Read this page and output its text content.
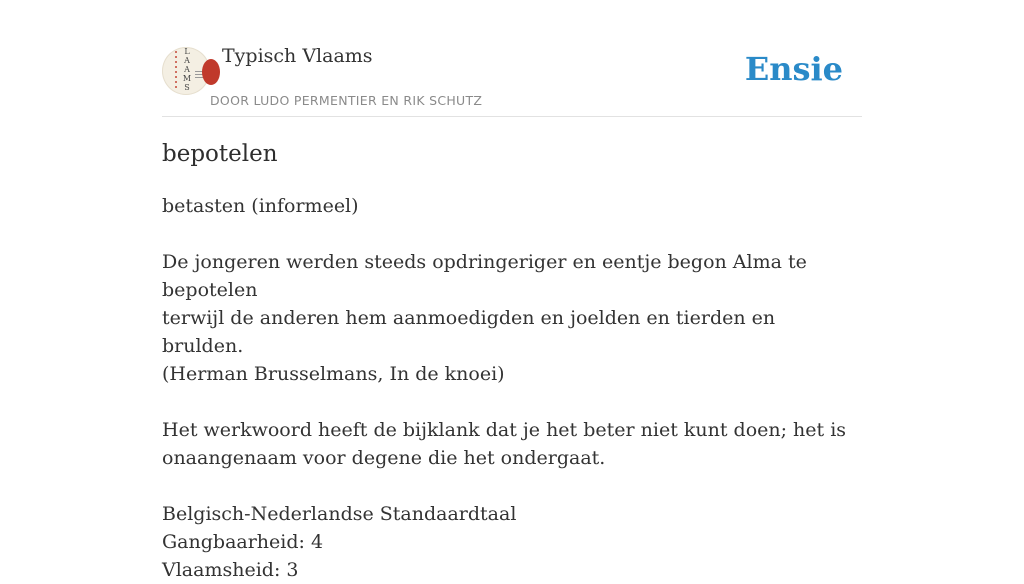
L
A
A
M
S
Typisch Vlaams
DOOR LUDO PERMENTIER EN RIK SCHUTZ
Ensie
bepotelen

betasten (informeel)

De jongeren werden steeds opdringeriger en eentje begon Alma te bepotelen

terwijl de anderen hem aanmoedigden en joelden en tierden en brulden.

(Herman Brusselmans, In de knoei)

Het werkwoord heeft de bijklank dat je het beter niet kunt doen; het is

onaangenaam voor degene die het ondergaat.

Belgisch-Nederlandse Standaardtaal

Gangbaarheid: 4

Vlaamsheid: 3
